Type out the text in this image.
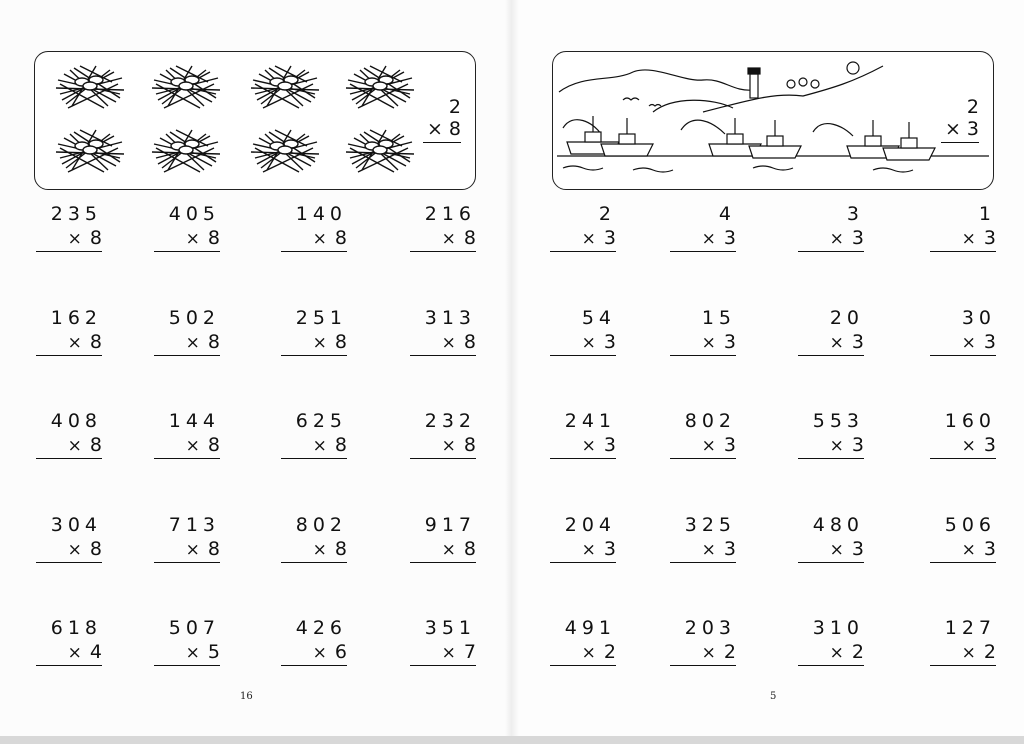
2
× 8
2
× 3
235
× 8
405
× 8
140
× 8
216
× 8
162
× 8
502
× 8
251
× 8
313
× 8
408
× 8
144
× 8
625
× 8
232
× 8
304
× 8
713
× 8
802
× 8
917
× 8
618
× 4
507
× 5
426
× 6
351
× 7
2
× 3
4
× 3
3
× 3
1
× 3
54
× 3
15
× 3
20
× 3
30
× 3
241
× 3
802
× 3
553
× 3
160
× 3
204
× 3
325
× 3
480
× 3
506
× 3
491
× 2
203
× 2
310
× 2
127
× 2
16	5
